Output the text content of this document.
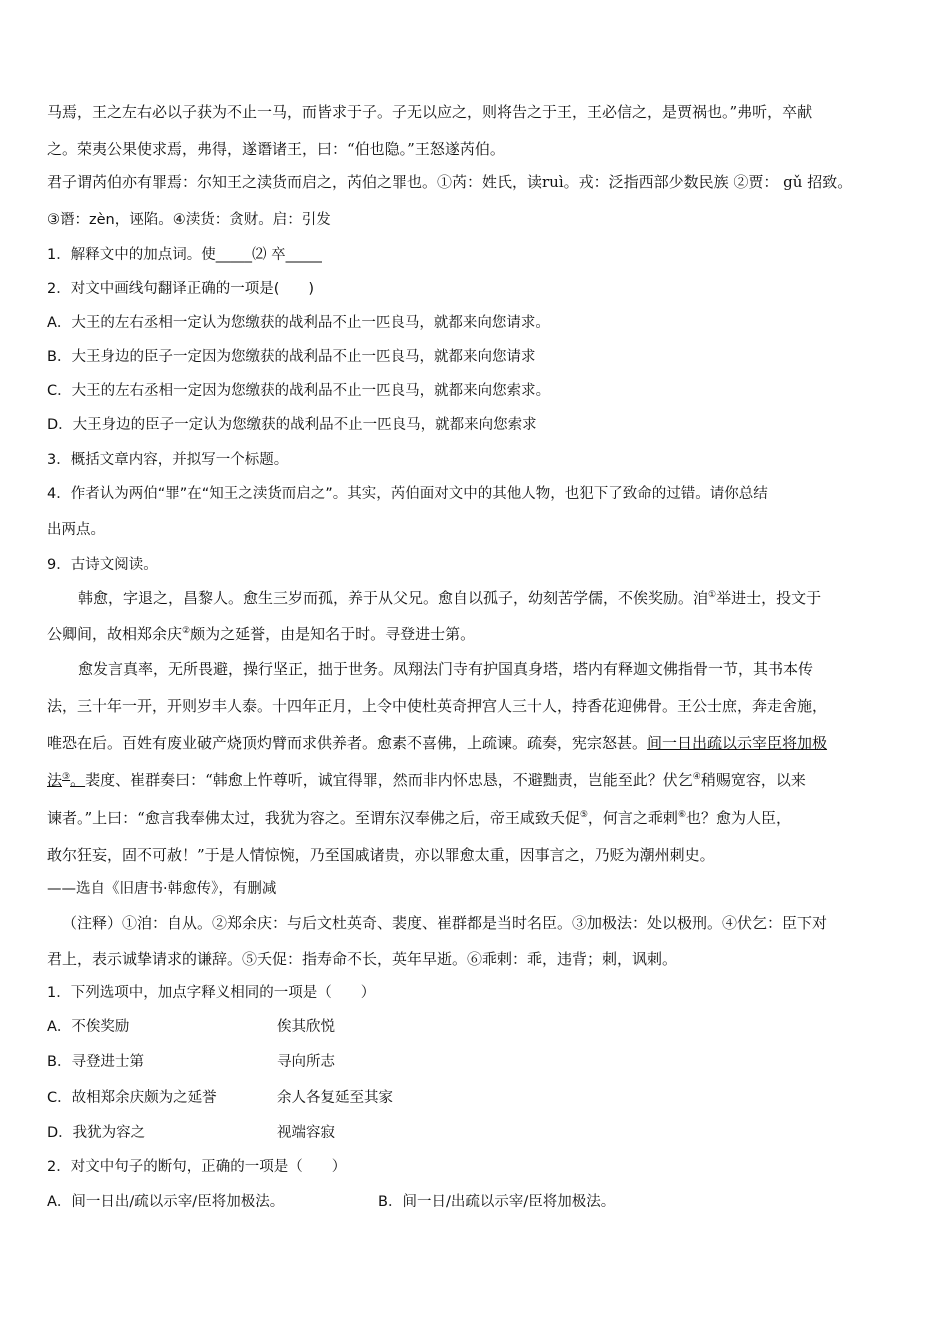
马焉，王之左右必以子获为不止一马，而皆求于子。子无以应之，则将告之于王，王必信之，是贾祸也。”弗听，卒献
之。荣夷公果使求焉，弗得，遂谮诸王，曰：“伯也隐。”王怒遂芮伯。
君子谓芮伯亦有罪焉：尔知王之渎货而启之，芮伯之罪也。①芮：姓氏，读ruì。戎：泛指西部少数民族 ②贾： gǔ 招致。
③谮：zèn，诬陷。④渎货：贪财。启：引发
1．解释文中的加点词。使_____⑵ 卒_____
2．对文中画线句翻译正确的一项是(　　)
A．大王的左右丞相一定认为您缴获的战利品不止一匹良马，就都来向您请求。
B．大王身边的臣子一定因为您缴获的战利品不止一匹良马，就都来向您请求
C．大王的左右丞相一定因为您缴获的战利品不止一匹良马，就都来向您索求。
D．大王身边的臣子一定认为您缴获的战利品不止一匹良马，就都来向您索求
3．概括文章内容，并拟写一个标题。
4．作者认为两伯“罪”在“知王之渎货而启之”。其实，芮伯面对文中的其他人物，也犯下了致命的过错。请你总结
出两点。
9．古诗文阅读。
韩愈，字退之，昌黎人。愈生三岁而孤，养于从父兄。愈自以孤子，幼刻苦学儒，不俟奖励。洎①举进士，投文于
公卿间，故相郑余庆②颇为之延誉，由是知名于时。寻登进士第。
愈发言真率，无所畏避，操行坚正，拙于世务。凤翔法门寺有护国真身塔，塔内有释迦文佛指骨一节，其书本传
法，三十年一开，开则岁丰人泰。十四年正月，上令中使杜英奇押宫人三十人，持香花迎佛骨。王公士庶，奔走舍施，
唯恐在后。百姓有废业破产烧顶灼臂而求供养者。愈素不喜佛，上疏谏。疏奏，宪宗怒甚。间一日出疏以示宰臣将加极
法③。裴度、崔群奏曰：“韩愈上忤尊听，诚宜得罪，然而非内怀忠恳，不避黜责，岂能至此？伏乞④稍赐宽容，以来
谏者。”上曰：“愈言我奉佛太过，我犹为容之。至谓东汉奉佛之后，帝王咸致夭促⑤，何言之乖剌⑥也？愈为人臣，
敢尔狂妄，固不可赦！”于是人情惊惋，乃至国戚诸贵，亦以罪愈太重，因事言之，乃贬为潮州刺史。
——选自《旧唐书·韩愈传》，有删减
（注释）①洎：自从。②郑余庆：与后文杜英奇、裴度、崔群都是当时名臣。③加极法：处以极刑。④伏乞：臣下对
君上，表示诚挚请求的谦辞。⑤夭促：指寿命不长，英年早逝。⑥乖剌：乖，违背；刺，讽刺。
1．下列选项中，加点字释义相同的一项是（　　）
A．不俟奖励	俟其欣悦
B．寻登进士第	寻向所志
C．故相郑余庆颇为之延誉	余人各复延至其家
D．我犹为容之	视端容寂
2．对文中句子的断句，正确的一项是（　　）
A．间一日出/疏以示宰/臣将加极法。	B．间一日/出疏以示宰/臣将加极法。
